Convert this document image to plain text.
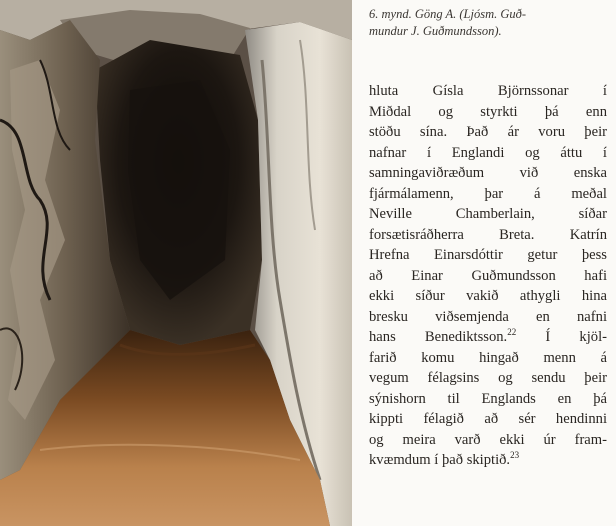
6. mynd. Göng A. (Ljósm. Guð-
mundur J. Guðmundsson).
hluta Gísla Björnssonar í
Miðdal og styrkti þá enn
stöðu sína. Það ár voru þeir
nafnar í Englandi og áttu í
samningaviðræðum við enska
fjármálamenn, þar á meðal
Neville Chamberlain, síðar
forsætisráðherra Breta. Katrín
Hrefna Einarsdóttir getur þess
að Einar Guðmundsson hafi
ekki síður vakið athygli hina
bresku viðsemjenda en nafni
hans Benediktsson.$^{22}$ Í kjöl-
farið komu hingað menn á
vegum félagsins og sendu þeir
sýnishorn til Englands en þá
kippti félagið að sér hendinni
og meira varð ekki úr fram-
kvæmdum í það skiptið.$^{23}$
